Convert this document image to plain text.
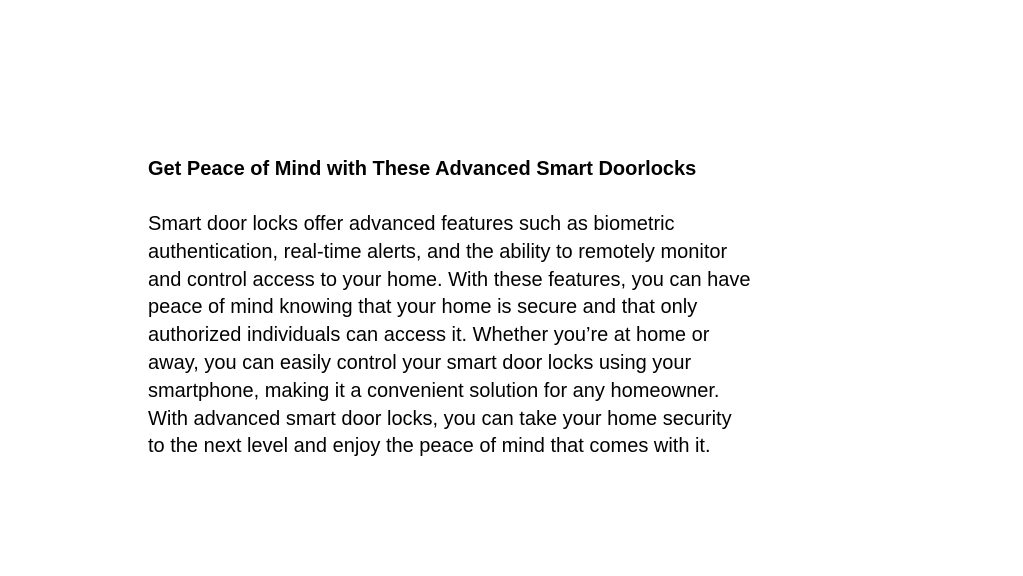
Get Peace of Mind with These Advanced Smart Doorlocks
Smart door locks offer advanced features such as biometric
authentication, real-time alerts, and the ability to remotely monitor
and control access to your home. With these features, you can have
peace of mind knowing that your home is secure and that only
authorized individuals can access it. Whether you’re at home or
away, you can easily control your smart door locks using your
smartphone, making it a convenient solution for any homeowner.
With advanced smart door locks, you can take your home security
to the next level and enjoy the peace of mind that comes with it.
